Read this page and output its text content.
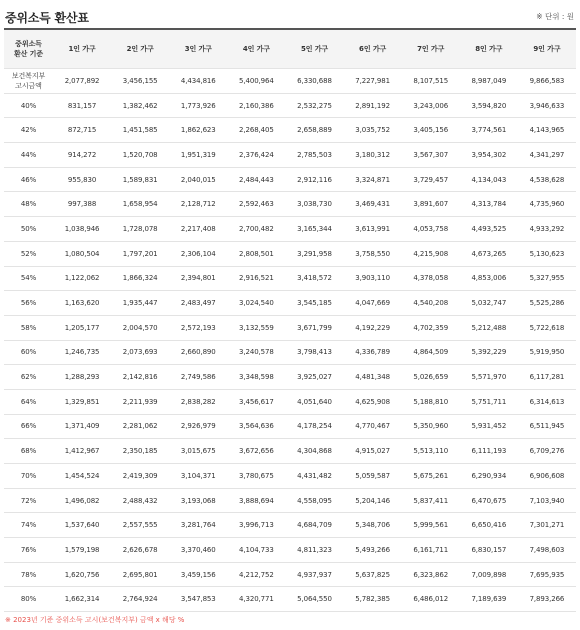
중위소득 환산표	※ 단위 : 원
중위소득
환산 기준	1인 가구	2인 가구	3인 가구	4인 가구	5인 가구	6인 가구	7인 가구	8인 가구	9인 가구
보건복지부
고시금액	2,077,892	3,456,155	4,434,816	5,400,964	6,330,688	7,227,981	8,107,515	8,987,049	9,866,583
40%	831,157	1,382,462	1,773,926	2,160,386	2,532,275	2,891,192	3,243,006	3,594,820	3,946,633
42%	872,715	1,451,585	1,862,623	2,268,405	2,658,889	3,035,752	3,405,156	3,774,561	4,143,965
44%	914,272	1,520,708	1,951,319	2,376,424	2,785,503	3,180,312	3,567,307	3,954,302	4,341,297
46%	955,830	1,589,831	2,040,015	2,484,443	2,912,116	3,324,871	3,729,457	4,134,043	4,538,628
48%	997,388	1,658,954	2,128,712	2,592,463	3,038,730	3,469,431	3,891,607	4,313,784	4,735,960
50%	1,038,946	1,728,078	2,217,408	2,700,482	3,165,344	3,613,991	4,053,758	4,493,525	4,933,292
52%	1,080,504	1,797,201	2,306,104	2,808,501	3,291,958	3,758,550	4,215,908	4,673,265	5,130,623
54%	1,122,062	1,866,324	2,394,801	2,916,521	3,418,572	3,903,110	4,378,058	4,853,006	5,327,955
56%	1,163,620	1,935,447	2,483,497	3,024,540	3,545,185	4,047,669	4,540,208	5,032,747	5,525,286
58%	1,205,177	2,004,570	2,572,193	3,132,559	3,671,799	4,192,229	4,702,359	5,212,488	5,722,618
60%	1,246,735	2,073,693	2,660,890	3,240,578	3,798,413	4,336,789	4,864,509	5,392,229	5,919,950
62%	1,288,293	2,142,816	2,749,586	3,348,598	3,925,027	4,481,348	5,026,659	5,571,970	6,117,281
64%	1,329,851	2,211,939	2,838,282	3,456,617	4,051,640	4,625,908	5,188,810	5,751,711	6,314,613
66%	1,371,409	2,281,062	2,926,979	3,564,636	4,178,254	4,770,467	5,350,960	5,931,452	6,511,945
68%	1,412,967	2,350,185	3,015,675	3,672,656	4,304,868	4,915,027	5,513,110	6,111,193	6,709,276
70%	1,454,524	2,419,309	3,104,371	3,780,675	4,431,482	5,059,587	5,675,261	6,290,934	6,906,608
72%	1,496,082	2,488,432	3,193,068	3,888,694	4,558,095	5,204,146	5,837,411	6,470,675	7,103,940
74%	1,537,640	2,557,555	3,281,764	3,996,713	4,684,709	5,348,706	5,999,561	6,650,416	7,301,271
76%	1,579,198	2,626,678	3,370,460	4,104,733	4,811,323	5,493,266	6,161,711	6,830,157	7,498,603
78%	1,620,756	2,695,801	3,459,156	4,212,752	4,937,937	5,637,825	6,323,862	7,009,898	7,695,935
80%	1,662,314	2,764,924	3,547,853	4,320,771	5,064,550	5,782,385	6,486,012	7,189,639	7,893,266
※ 2023년 기준 중위소득 고시(보건복지부) 금액 x 해당 %
